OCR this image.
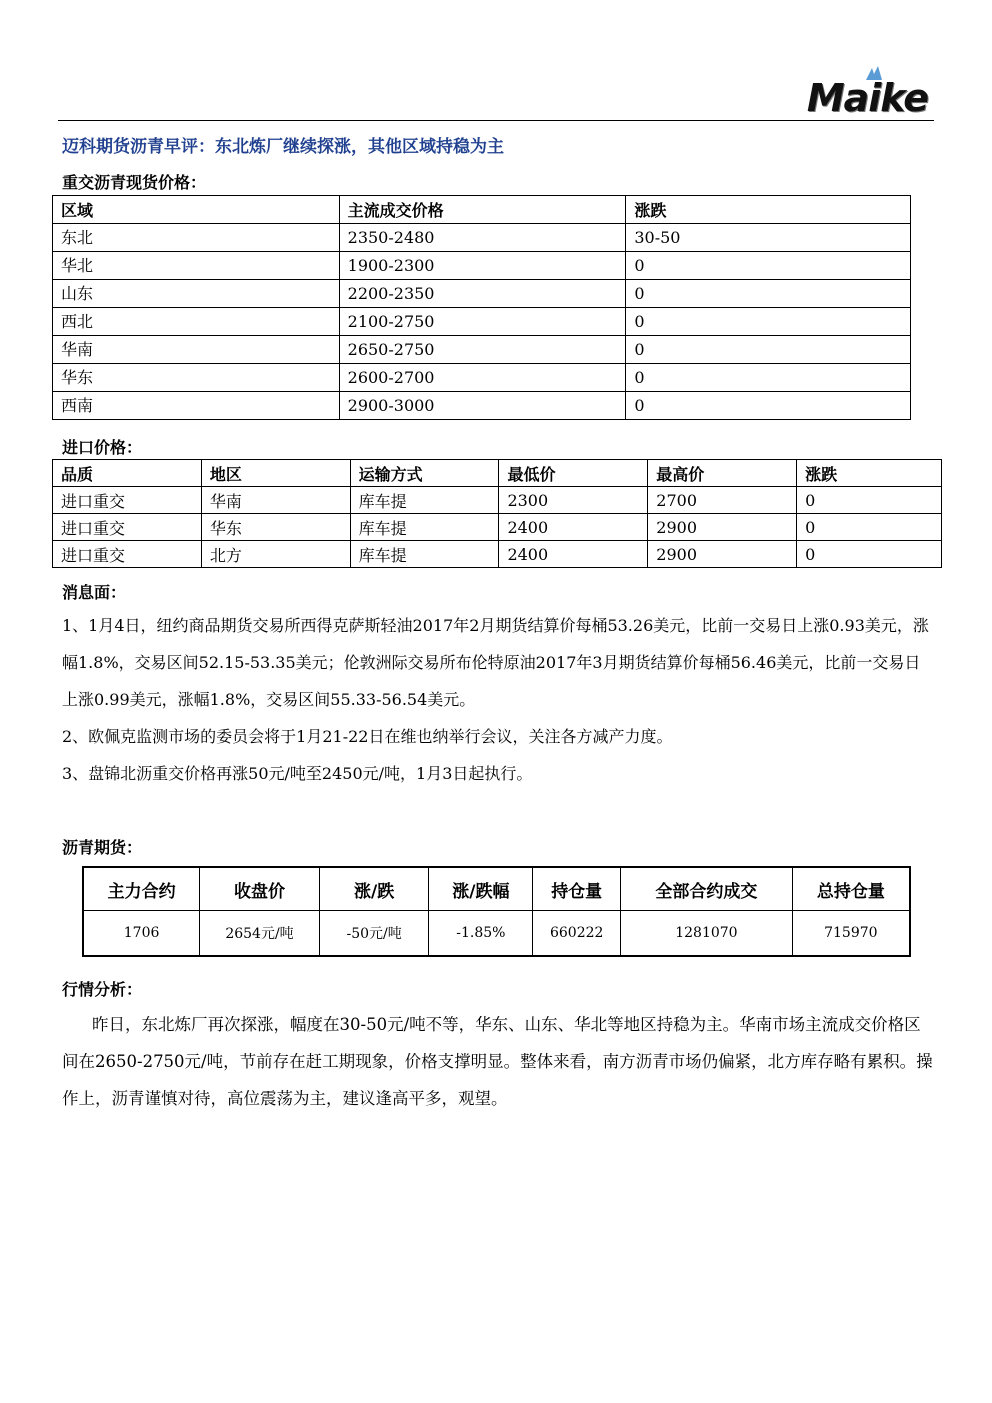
Maike
迈科期货沥青早评：东北炼厂继续探涨，其他区域持稳为主
重交沥青现货价格：
区域	主流成交价格	涨跌
东北	2350-2480	30-50
华北	1900-2300	0
山东	2200-2350	0
西北	2100-2750	0
华南	2650-2750	0
华东	2600-2700	0
西南	2900-3000	0
进口价格：
品质	地区	运输方式	最低价	最高价	涨跌
进口重交	华南	库车提	2300	2700	0
进口重交	华东	库车提	2400	2900	0
进口重交	北方	库车提	2400	2900	0
消息面：

1、1月4日，纽约商品期货交易所西得克萨斯轻油2017年2月期货结算价每桶53.26美元，比前一交易日上涨0.93美元，涨幅1.8%，交易区间52.15-53.35美元；伦敦洲际交易所布伦特原油2017年3月期货结算价每桶56.46美元，比前一交易日上涨0.99美元，涨幅1.8%，交易区间55.33-56.54美元。

2、欧佩克监测市场的委员会将于1月21-22日在维也纳举行会议，关注各方减产力度。

3、盘锦北沥重交价格再涨50元/吨至2450元/吨，1月3日起执行。

沥青期货：
主力合约	收盘价	涨/跌	涨/跌幅	持仓量	全部合约成交	总持仓量
1706	2654元/吨	-50元/吨	-1.85%	660222	1281070	715970
行情分析：
昨日，东北炼厂再次探涨，幅度在30-50元/吨不等，华东、山东、华北等地区持稳为主。华南市场主流成交价格区间在2650-2750元/吨，节前存在赶工期现象，价格支撑明显。整体来看，南方沥青市场仍偏紧，北方库存略有累积。操作上，沥青谨慎对待，高位震荡为主，建议逢高平多，观望。
